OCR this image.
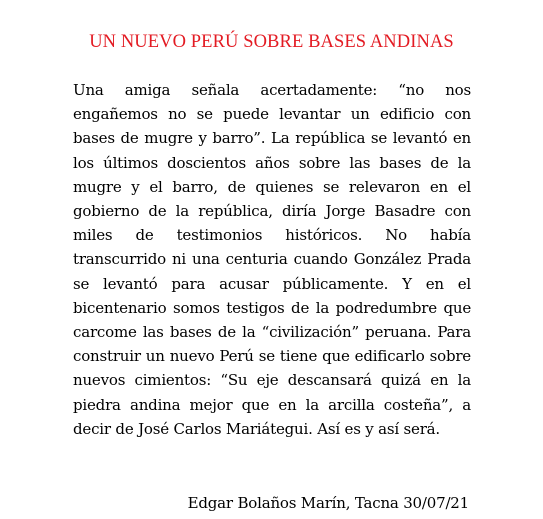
UN NUEVO PERÚ SOBRE BASES ANDINAS

Una amiga señala acertadamente: “no nos engañemos no se puede levantar un edificio con bases de mugre y barro”. La república se levantó en los últimos doscientos años sobre las bases de la mugre y el barro, de quienes se relevaron en el gobierno de la república, diría Jorge Basadre con miles de testimonios históricos. No había transcurrido ni una centuria cuando González Prada se levantó para acusar públicamente. Y en el bicentenario somos testigos de la podredumbre que carcome las bases de la “civilización” peruana. Para construir un nuevo Perú se tiene que edificarlo sobre nuevos cimientos: “Su eje descansará quizá en la piedra andina mejor que en la arcilla costeña”, a decir de José Carlos Mariátegui. Así es y así será.

Edgar Bolaños Marín, Tacna 30/07/21
